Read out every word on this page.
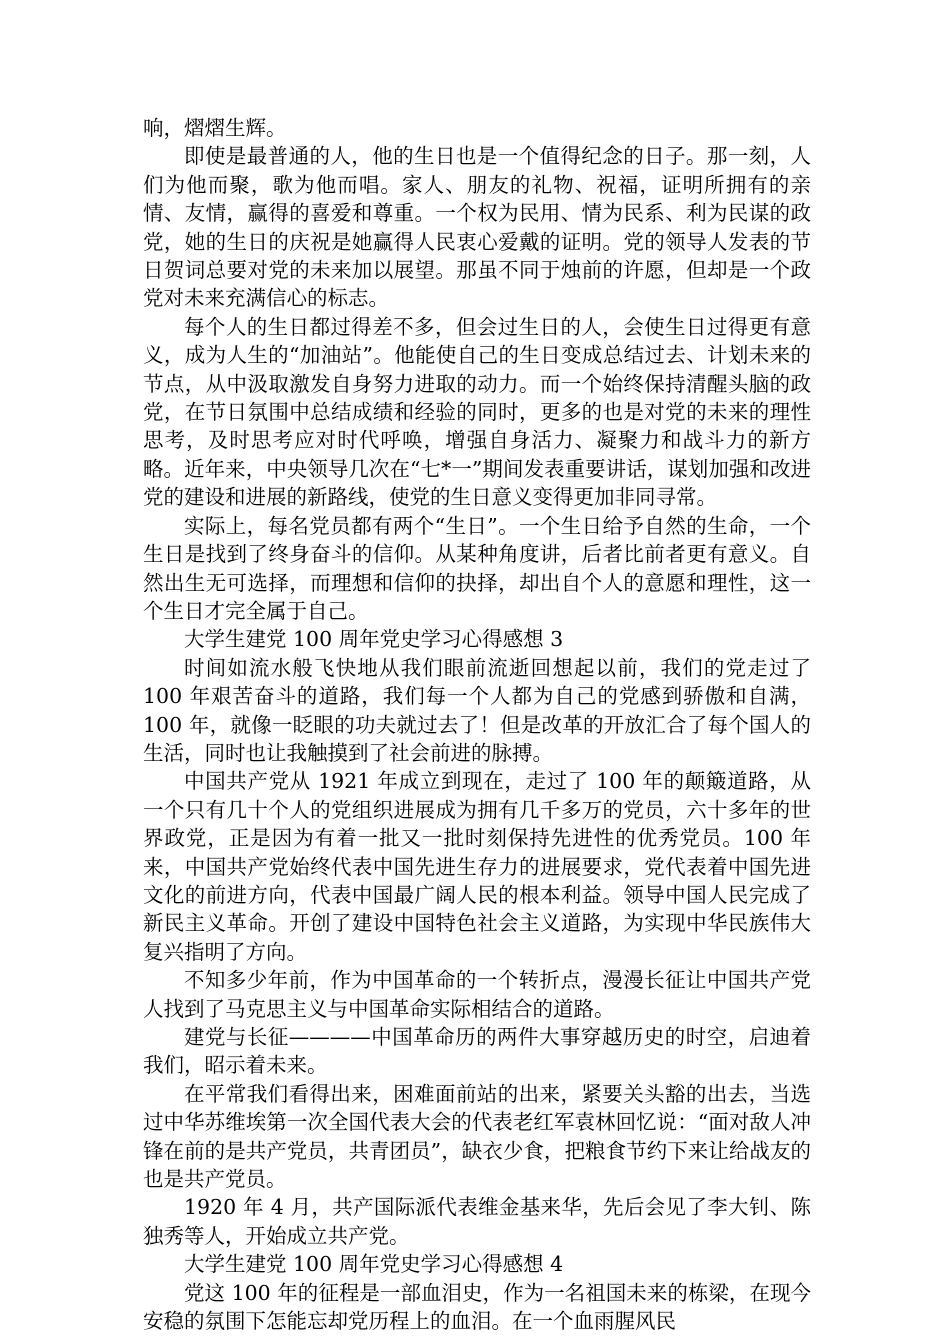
响，熠熠生辉。

即使是最普通的人，他的生日也是一个值得纪念的日子。那一刻，人们为他而聚，歌为他而唱。家人、朋友的礼物、祝福，证明所拥有的亲情、友情，赢得的喜爱和尊重。一个权为民用、情为民系、利为民谋的政党，她的生日的庆祝是她赢得人民衷心爱戴的证明。党的领导人发表的节日贺词总要对党的未来加以展望。那虽不同于烛前的许愿，但却是一个政党对未来充满信心的标志。

每个人的生日都过得差不多，但会过生日的人，会使生日过得更有意义，成为人生的“加油站”。他能使自己的生日变成总结过去、计划未来的节点，从中汲取激发自身努力进取的动力。而一个始终保持清醒头脑的政党，在节日氛围中总结成绩和经验的同时，更多的也是对党的未来的理性思考，及时思考应对时代呼唤，增强自身活力、凝聚力和战斗力的新方略。近年来，中央领导几次在“七*一”期间发表重要讲话，谋划加强和改进党的建设和进展的新路线，使党的生日意义变得更加非同寻常。

实际上，每名党员都有两个“生日”。一个生日给予自然的生命，一个生日是找到了终身奋斗的信仰。从某种角度讲，后者比前者更有意义。自然出生无可选择，而理想和信仰的抉择，却出自个人的意愿和理性，这一个生日才完全属于自己。

大学生建党 100 周年党史学习心得感想 3

时间如流水般飞快地从我们眼前流逝回想起以前，我们的党走过了 100 年艰苦奋斗的道路，我们每一个人都为自己的党感到骄傲和自满，100 年，就像一眨眼的功夫就过去了！但是改革的开放汇合了每个国人的生活，同时也让我触摸到了社会前进的脉搏。

中国共产党从 1921 年成立到现在，走过了 100 年的颠簸道路，从一个只有几十个人的党组织进展成为拥有几千多万的党员，六十多年的世界政党，正是因为有着一批又一批时刻保持先进性的优秀党员。100 年来，中国共产党始终代表中国先进生存力的进展要求，党代表着中国先进文化的前进方向，代表中国最广阔人民的根本利益。领导中国人民完成了新民主义革命。开创了建设中国特色社会主义道路，为实现中华民族伟大复兴指明了方向。

不知多少年前，作为中国革命的一个转折点，漫漫长征让中国共产党人找到了马克思主义与中国革命实际相结合的道路。

建党与长征————中国革命历的两件大事穿越历史的时空，启迪着我们，昭示着未来。

在平常我们看得出来，困难面前站的出来，紧要关头豁的出去，当选过中华苏维埃第一次全国代表大会的代表老红军袁林回忆说：“面对敌人冲锋在前的是共产党员，共青团员”，缺衣少食，把粮食节约下来让给战友的也是共产党员。

1920 年 4 月，共产国际派代表维金基来华，先后会见了李大钊、陈独秀等人，开始成立共产党。

大学生建党 100 周年党史学习心得感想 4

党这 100 年的征程是一部血泪史，作为一名祖国未来的栋梁，在现今安稳的氛围下怎能忘却党历程上的血泪。在一个血雨腥风民
